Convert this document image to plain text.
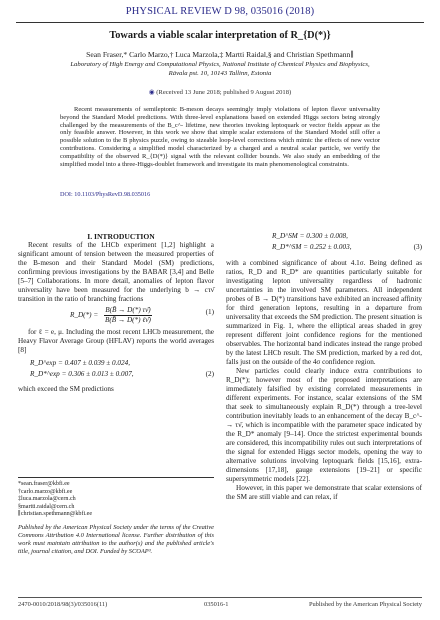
PHYSICAL REVIEW D 98, 035016 (2018)
Towards a viable scalar interpretation of R_{D(*)}
Sean Fraser,* Carlo Marzo,† Luca Marzola,‡ Martti Raidal,§ and Christian Spethmann∥
Laboratory of High Energy and Computational Physics, National Institute of Chemical Physics and Biophysics, Rävala pst. 10, 10143 Tallinn, Estonia
◉ (Received 13 June 2018; published 9 August 2018)
Recent measurements of semileptonic B-meson decays seemingly imply violations of lepton flavor universality beyond the Standard Model predictions. With three-level explanations based on extended Higgs sectors being strongly challenged by the measurements of the B_c^- lifetime, new theories invoking leptoquark or vector fields appear as the only feasible answer. However, in this work we show that simple scalar extensions of the Standard Model still offer a possible solution to the B physics puzzle, owing to sizeable loop-level corrections which mimic the effects of new vector contributions. Considering a simplified model characterized by a charged and a neutral scalar particle, we verify the compatibility of the observed R_{D(*)} signal with the relevant collider bounds. We also study an embedding of the simplified model into a three-Higgs-doublet framework and investigate its main phenomenological constraints.
DOI: 10.1103/PhysRevD.98.035016

I. INTRODUCTION

Recent results of the LHCb experiment [1,2] highlight a significant amount of tension between the measured properties of the B-meson and their Standard Model (SM) predictions, confirming previous investigations by the BABAR [3,4] and Belle [5–7] Collaborations. In more detail, anomalies of lepton flavor universality have been measured for the underlying b → cτν̄ transition in the ratio of branching fractions

R_D(*) = $\frac{B(B̄ \to D(*) \tau\nū)}{\text{B(B̄ → D(*) ℓν̄)}}$	(1)

for ℓ = e, μ. Including the most recent LHCb measurement, the Heavy Flavor Average Group (HFLAV) reports the world averages [8]

R_D^exp = 0.407 ± 0.039 ± 0.024,
R_D*^exp = 0.306 ± 0.013 ± 0.007,	(2)

which exceed the SM predictions

*sean.fraser@kbfi.ee
†carlo.marzo@kbfi.ee
‡luca.marzola@cern.ch
§martti.raidal@cern.ch
∥christian.spethmann@kbfi.ee
Published by the American Physical Society under the terms of the Creative Commons Attribution 4.0 International license. Further distribution of this work must maintain attribution to the author(s) and the published article's title, journal citation, and DOI. Funded by SCOAP³.
R_D^SM = 0.300 ± 0.008,
R_D*^SM = 0.252 ± 0.003,	(3)

with a combined significance of about 4.1σ. Being defined as ratios, R_D and R_D* are quantities particularly suitable for investigating lepton universality regardless of hadronic uncertainties in the involved SM parameters. All independent probes of B → D(*) transitions have exhibited an increased affinity for third generation leptons, resulting in a departure from universality that exceeds the SM prediction. The present situation is summarized in Fig. 1, where the elliptical areas shaded in grey represent different joint confidence regions for the mentioned observables. The horizontal band indicates instead the range probed by the latest LHCb result. The SM prediction, marked by a red dot, falls just on the outside of the 4σ confidence region.

New particles could clearly induce extra contributions to R_D(*); however most of the proposed interpretations are immediately falsified by existing correlated measurements in different experiments. For instance, scalar extensions of the SM that seek to simultaneously explain R_D(*) through a tree-level contribution inevitably leads to an enhancement of the decay B_c^- → τν̄, which is incompatible with the parameter space indicated by the R_D* anomaly [9–14]. Once the strictest experimental bounds are considered, this incompatibility rules out such interpretations of the signal for extended Higgs sector models, opening the way to alternative solutions involving leptoquark fields [15,16], extra-dimensions [17,18], gauge extensions [19–21] or specific supersymmetric models [22].

However, in this paper we demonstrate that scalar extensions of the SM are still viable and can relax, if

2470-0010/2018/98(3)/035016(11)	035016-1	Published by the American Physical Society
